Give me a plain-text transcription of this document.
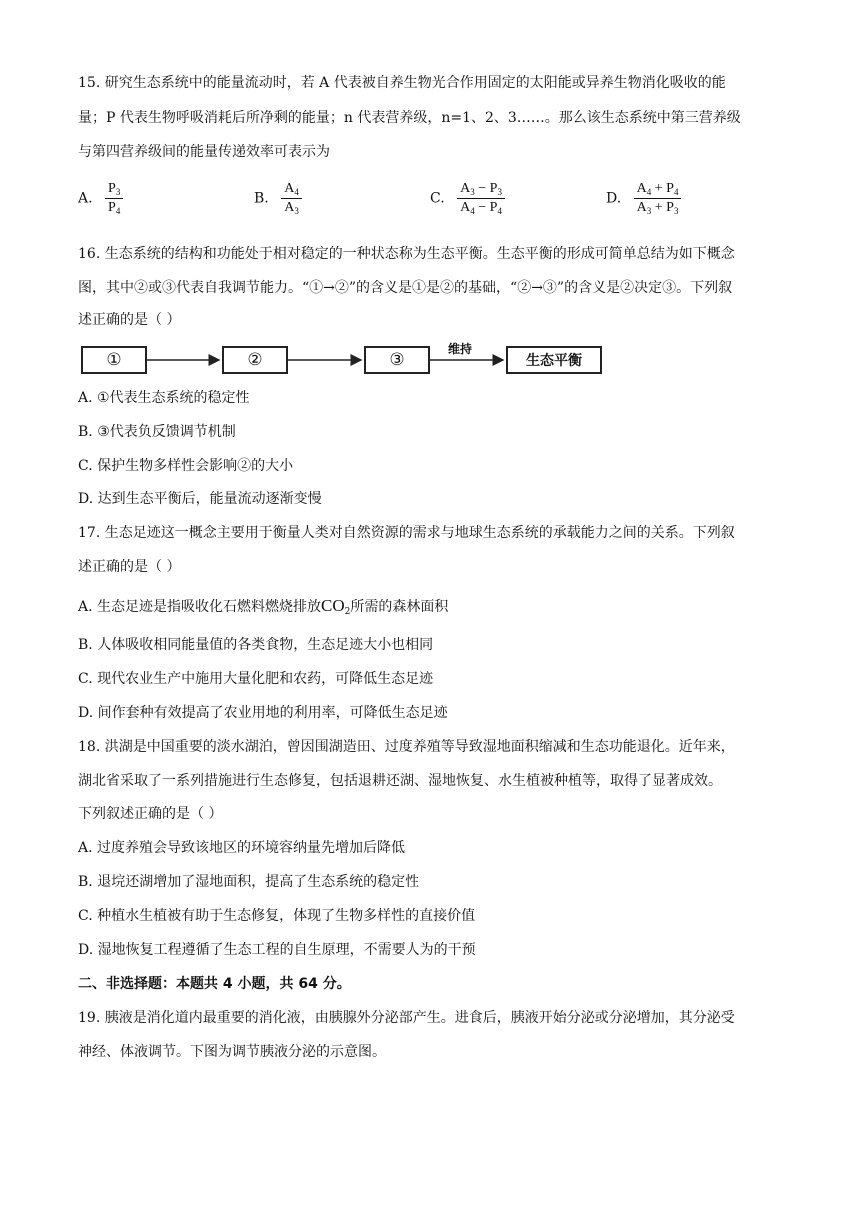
15. 研究生态系统中的能量流动时，若 A 代表被自养生物光合作用固定的太阳能或异养生物消化吸收的能
量；P 代表生物呼吸消耗后所净剩的能量；n 代表营养级，n=1、2、3……。那么该生态系统中第三营养级
与第四营养级间的能量传递效率可表示为
A. $\frac{P_3}{P_4}$	B. $\frac{A_4}{A_3}$	C. $\frac{A_3 - P_3}{A_4 - P_4}$	D. $\frac{A_4 + P_4}{A_3 + P_3}$
16. 生态系统的结构和功能处于相对稳定的一种状态称为生态平衡。生态平衡的形成可简单总结为如下概念
图，其中②或③代表自我调节能力。“①→②”的含义是①是②的基础，“②→③”的含义是②决定③。下列叙
述正确的是（ ）
①	②	③
维持
生态平衡
A. ①代表生态系统的稳定性
B. ③代表负反馈调节机制
C. 保护生物多样性会影响②的大小
D. 达到生态平衡后，能量流动逐渐变慢
17. 生态足迹这一概念主要用于衡量人类对自然资源的需求与地球生态系统的承载能力之间的关系。下列叙
述正确的是（ ）
A. 生态足迹是指吸收化石燃料燃烧排放$CO_2$所需的森林面积
B. 人体吸收相同能量值的各类食物，生态足迹大小也相同
C. 现代农业生产中施用大量化肥和农药，可降低生态足迹
D. 间作套种有效提高了农业用地的利用率，可降低生态足迹
18. 洪湖是中国重要的淡水湖泊，曾因围湖造田、过度养殖等导致湿地面积缩减和生态功能退化。近年来，
湖北省采取了一系列措施进行生态修复，包括退耕还湖、湿地恢复、水生植被种植等，取得了显著成效。
下列叙述正确的是（ ）
A. 过度养殖会导致该地区的环境容纳量先增加后降低
B. 退垸还湖增加了湿地面积，提高了生态系统的稳定性
C. 种植水生植被有助于生态修复，体现了生物多样性的直接价值
D. 湿地恢复工程遵循了生态工程的自生原理，不需要人为的干预
二、非选择题：本题共 4 小题，共 64 分。
19. 胰液是消化道内最重要的消化液，由胰腺外分泌部产生。进食后，胰液开始分泌或分泌增加，其分泌受
神经、体液调节。下图为调节胰液分泌的示意图。
